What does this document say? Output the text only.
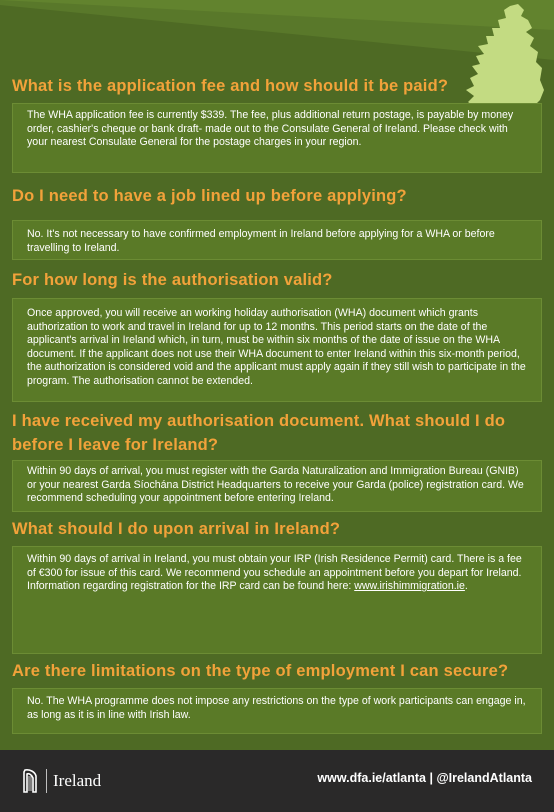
What is the application fee and how should it be paid?

The WHA application fee is currently $339. The fee, plus additional return postage, is payable by money order, cashier's cheque or bank draft- made out to the Consulate General of Ireland. Please check with your nearest Consulate General for the postage charges in your region.

Do I need to have a job lined up before applying?

No. It's not necessary to have confirmed employment in Ireland before applying for a WHA or before travelling to Ireland.

For how long is the authorisation valid?

Once approved, you will receive an working holiday authorisation (WHA) document which grants authorization to work and travel in Ireland for up to 12 months. This period starts on the date of the applicant's arrival in Ireland which, in turn, must be within six months of the date of issue on the WHA document. If the applicant does not use their WHA document to enter Ireland within this six-month period, the authorization is considered void and the applicant must apply again if they still wish to participate in the program. The authorisation cannot be extended.

I have received my authorisation document. What should I do before I leave for Ireland?

Within 90 days of arrival, you must register with the Garda Naturalization and Immigration Bureau (GNIB) or your nearest Garda Síochána District Headquarters to receive your Garda (police) registration card. We recommend scheduling your appointment before entering Ireland.

What should I do upon arrival in Ireland?

Within 90 days of arrival in Ireland, you must obtain your IRP (Irish Residence Permit) card. There is a fee of €300 for issue of this card. We recommend you schedule an appointment before you depart for Ireland. Information regarding registration for the IRP card can be found here: www.irishimmigration.ie.

Are there limitations on the type of employment I can secure?

No. The WHA programme does not impose any restrictions on the type of work participants can engage in, as long as it is in line with Irish law.

Ireland	www.dfa.ie/atlanta | @IrelandAtlanta
